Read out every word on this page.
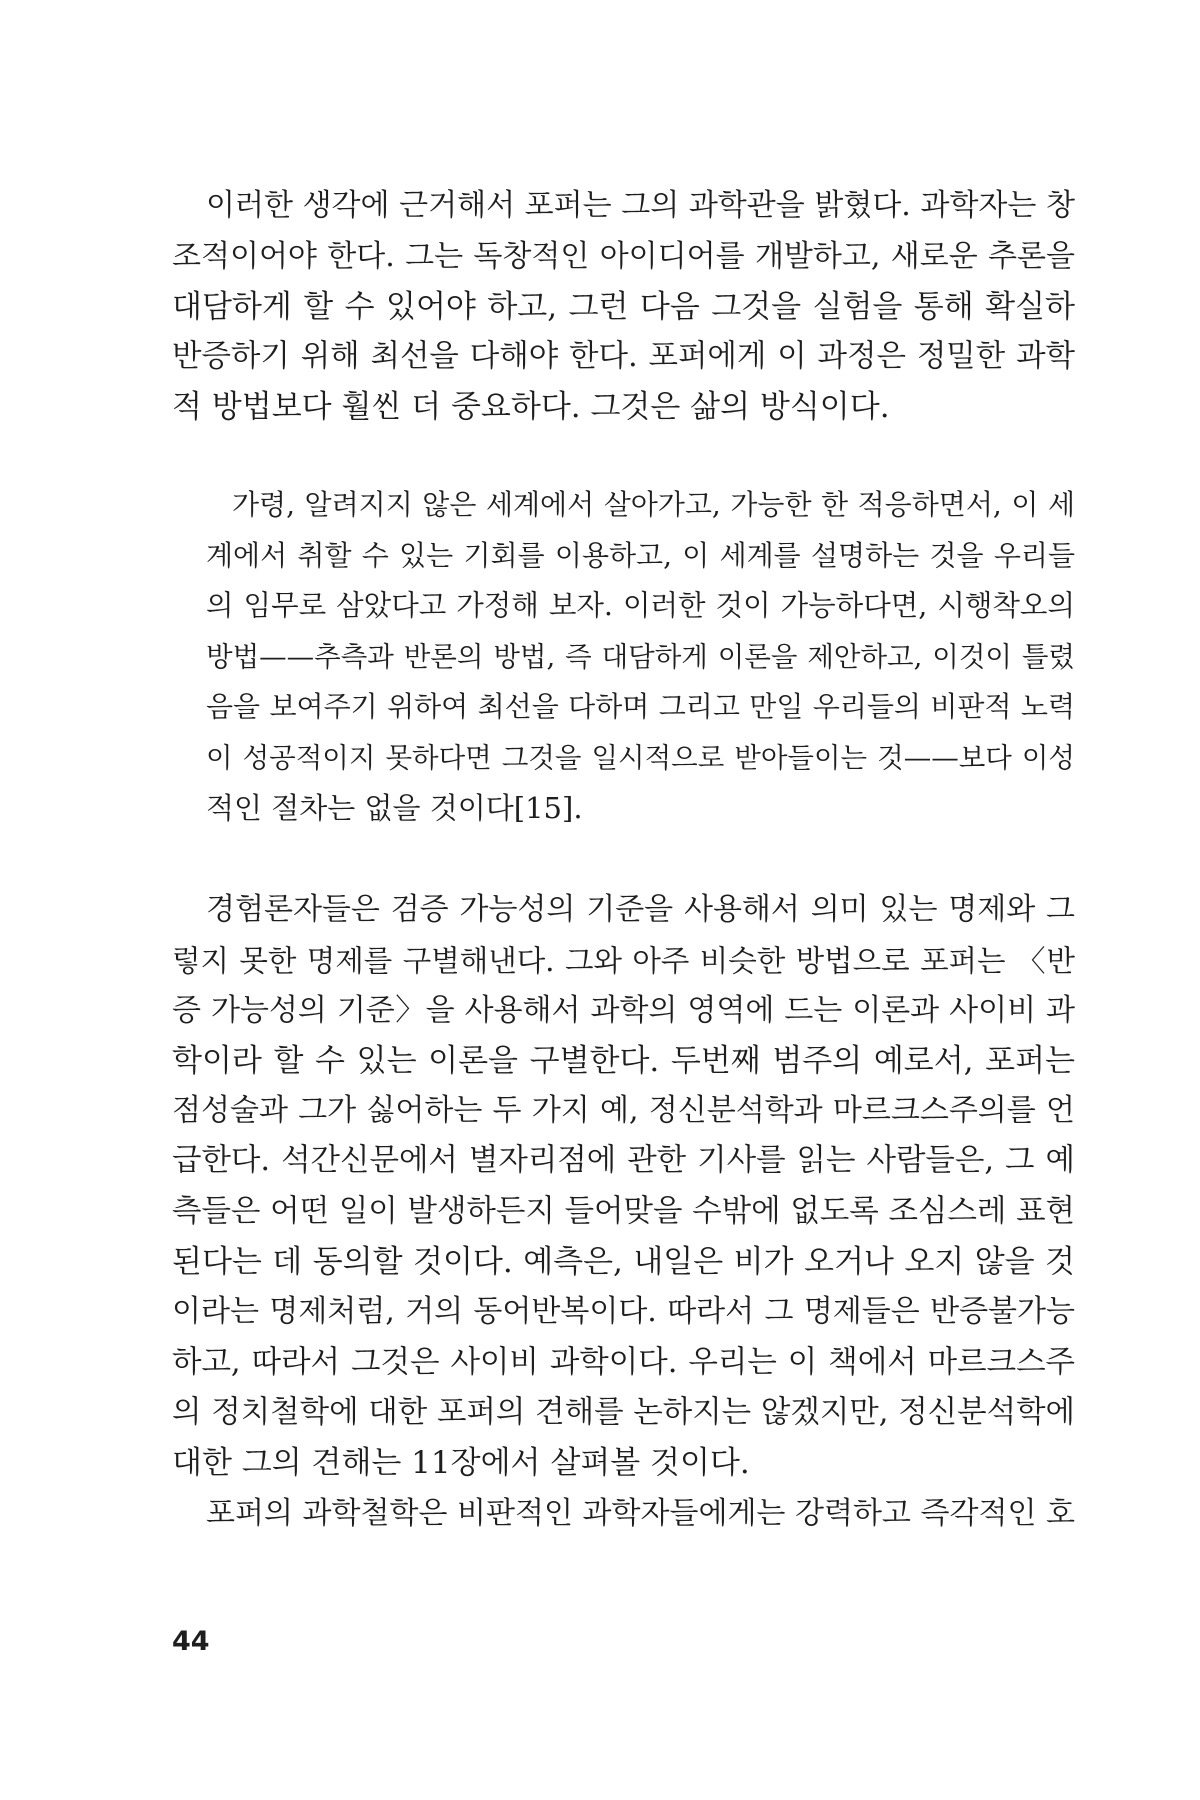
이러한 생각에 근거해서 포퍼는 그의 과학관을 밝혔다. 과학자는 창
조적이어야 한다. 그는 독창적인 아이디어를 개발하고, 새로운 추론을
대담하게 할 수 있어야 하고, 그런 다음 그것을 실험을 통해 확실하
반증하기 위해 최선을 다해야 한다. 포퍼에게 이 과정은 정밀한 과학
적 방법보다 훨씬 더 중요하다. 그것은 삶의 방식이다.
가령, 알려지지 않은 세계에서 살아가고, 가능한 한 적응하면서, 이 세
계에서 취할 수 있는 기회를 이용하고, 이 세계를 설명하는 것을 우리들
의 임무로 삼았다고 가정해 보자. 이러한 것이 가능하다면, 시행착오의
방법——추측과 반론의 방법, 즉 대담하게 이론을 제안하고, 이것이 틀렸
음을 보여주기 위하여 최선을 다하며 그리고 만일 우리들의 비판적 노력
이 성공적이지 못하다면 그것을 일시적으로 받아들이는 것——보다 이성
적인 절차는 없을 것이다[15].
경험론자들은 검증 가능성의 기준을 사용해서 의미 있는 명제와 그
렇지 못한 명제를 구별해낸다. 그와 아주 비슷한 방법으로 포퍼는 〈반
증 가능성의 기준〉을 사용해서 과학의 영역에 드는 이론과 사이비 과
학이라 할 수 있는 이론을 구별한다. 두번째 범주의 예로서, 포퍼는
점성술과 그가 싫어하는 두 가지 예, 정신분석학과 마르크스주의를 언
급한다. 석간신문에서 별자리점에 관한 기사를 읽는 사람들은, 그 예
측들은 어떤 일이 발생하든지 들어맞을 수밖에 없도록 조심스레 표현
된다는 데 동의할 것이다. 예측은, 내일은 비가 오거나 오지 않을 것
이라는 명제처럼, 거의 동어반복이다. 따라서 그 명제들은 반증불가능
하고, 따라서 그것은 사이비 과학이다. 우리는 이 책에서 마르크스주
의 정치철학에 대한 포퍼의 견해를 논하지는 않겠지만, 정신분석학에
대한 그의 견해는 11장에서 살펴볼 것이다.
포퍼의 과학철학은 비판적인 과학자들에게는 강력하고 즉각적인 호
44
